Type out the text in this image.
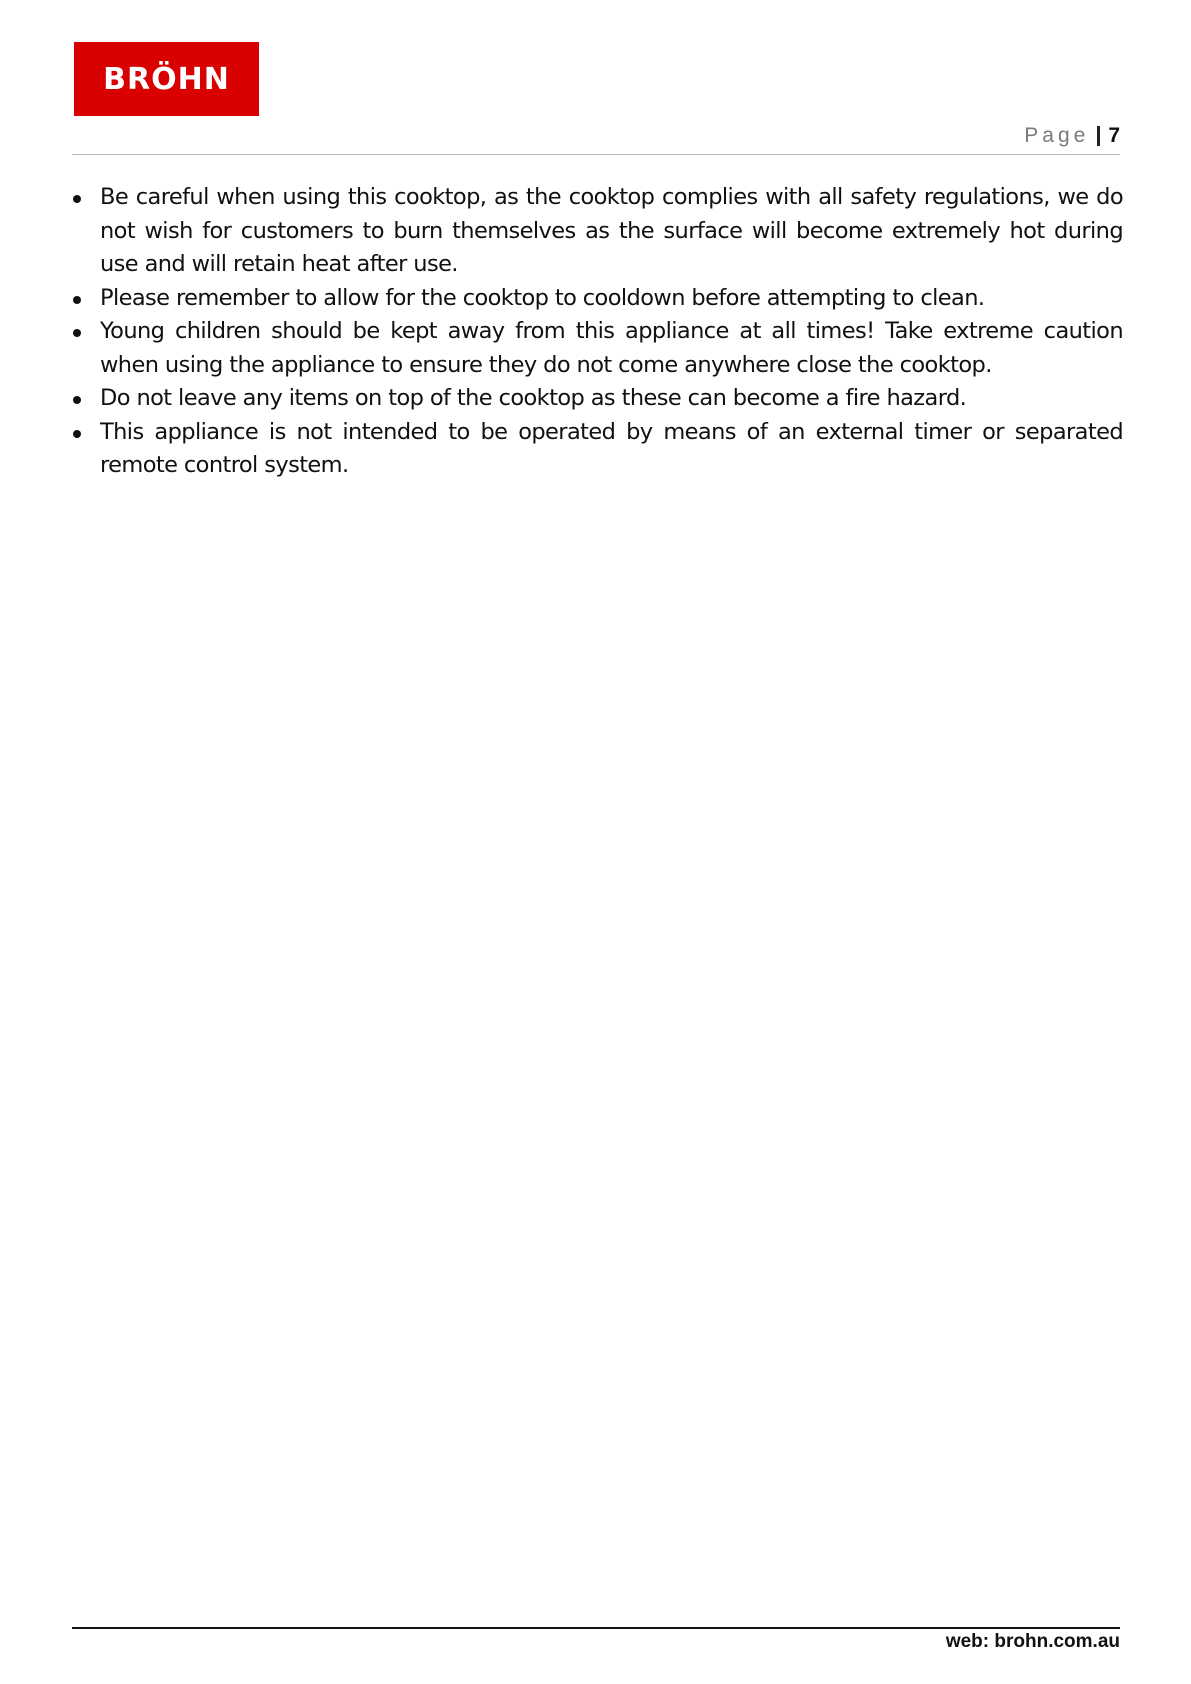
BRÖHN
Page 7
Be careful when using this cooktop, as the cooktop complies with all safety regulations, we do not wish for customers to burn themselves as the surface will become extremely hot during use and will retain heat after use.
Please remember to allow for the cooktop to cooldown before attempting to clean.
Young children should be kept away from this appliance at all times! Take extreme caution when using the appliance to ensure they do not come anywhere close the cooktop.
Do not leave any items on top of the cooktop as these can become a fire hazard.
This appliance is not intended to be operated by means of an external timer or separated remote control system.
web: brohn.com.au
